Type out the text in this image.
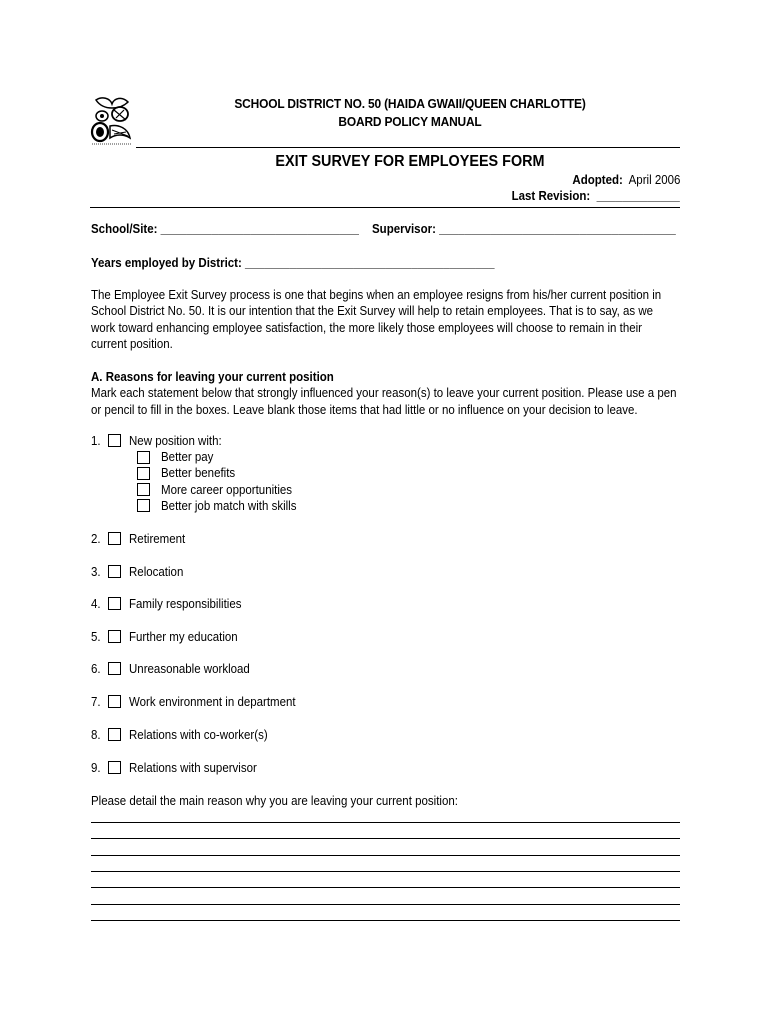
SCHOOL DISTRICT NO. 50 (HAIDA GWAII/QUEEN CHARLOTTE)
BOARD POLICY MANUAL
EXIT SURVEY FOR EMPLOYEES FORM
Adopted: April 2006
Last Revision: _____________
School/Site: _______________________________ Supervisor: _____________________________________
Years employed by District: _______________________________________
The Employee Exit Survey process is one that begins when an employee resigns from his/her current position in School District No. 50. It is our intention that the Exit Survey will help to retain employees. That is to say, as we work toward enhancing employee satisfaction, the more likely those employees will choose to remain in their current position.
A. Reasons for leaving your current position
Mark each statement below that strongly influenced your reason(s) to leave your current position. Please use a pen or pencil to fill in the boxes. Leave blank those items that had little or no influence on your decision to leave.
1.	New position with:
Better pay
Better benefits
More career opportunities
Better job match with skills
2.	Retirement
3.	Relocation
4.	Family responsibilities
5.	Further my education
6.	Unreasonable workload
7.	Work environment in department
8.	Relations with co-worker(s)
9.	Relations with supervisor
Please detail the main reason why you are leaving your current position:
